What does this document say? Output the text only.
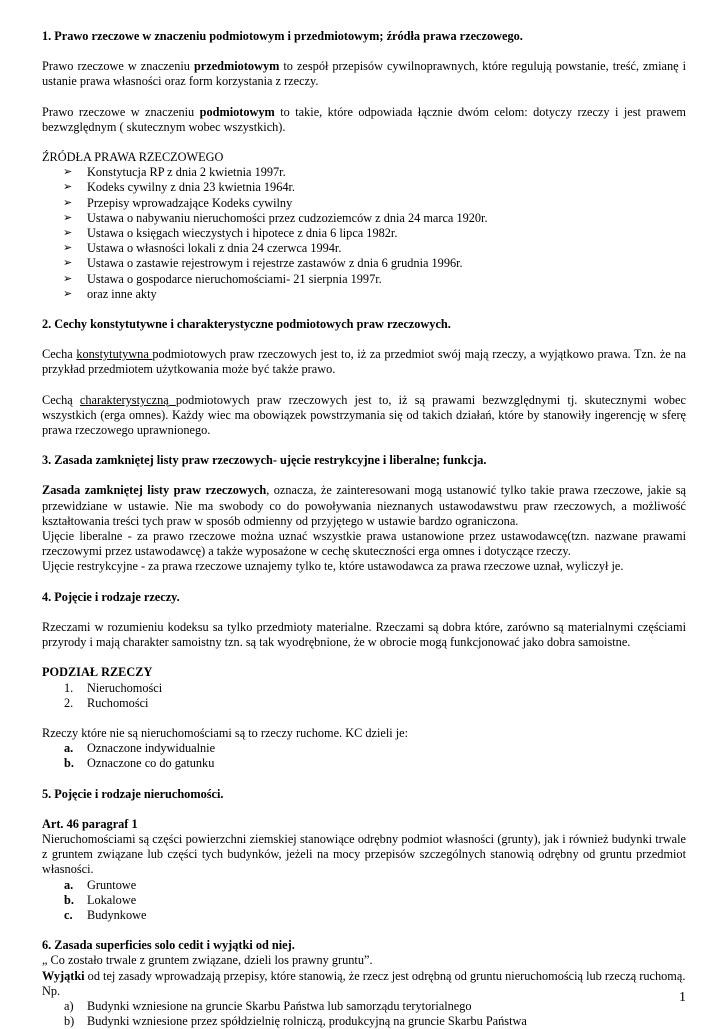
1. Prawo rzeczowe w znaczeniu podmiotowym i przedmiotowym; źródła prawa rzeczowego.

Prawo rzeczowe w znaczeniu przedmiotowym to zespół przepisów cywilnoprawnych, które regulują powstanie, treść, zmianę i ustanie prawa własności oraz form korzystania z rzeczy.

Prawo rzeczowe w znaczeniu podmiotowym to takie, które odpowiada łącznie dwóm celom: dotyczy rzeczy i jest prawem bezwzględnym ( skutecznym wobec wszystkich).

ŹRÓDŁA PRAWA RZECZOWEGO

➢ Konstytucja RP z dnia 2 kwietnia 1997r.
➢ Kodeks cywilny z dnia 23 kwietnia 1964r.
➢ Przepisy wprowadzające Kodeks cywilny
➢ Ustawa o nabywaniu nieruchomości przez cudzoziemców z dnia 24 marca 1920r.
➢ Ustawa o księgach wieczystych i hipotece z dnia 6 lipca 1982r.
➢ Ustawa o własności lokali z dnia 24 czerwca 1994r.
➢ Ustawa o zastawie rejestrowym i rejestrze zastawów z dnia 6 grudnia 1996r.
➢ Ustawa o gospodarce nieruchomościami- 21 sierpnia 1997r.
➢ oraz inne akty

2. Cechy konstytutywne i charakterystyczne podmiotowych praw rzeczowych.

Cecha konstytutywna podmiotowych praw rzeczowych jest to, iż za przedmiot swój mają rzeczy, a wyjątkowo prawa. Tzn. że na przykład przedmiotem użytkowania może być także prawo.

Cechą charakterystyczną podmiotowych praw rzeczowych jest to, iż są prawami bezwzględnymi tj. skutecznymi wobec wszystkich (erga omnes). Każdy wiec ma obowiązek powstrzymania się od takich działań, które by stanowiły ingerencję w sferę prawa rzeczowego uprawnionego.

3. Zasada zamkniętej listy praw rzeczowych- ujęcie restrykcyjne i liberalne; funkcja.

Zasada zamkniętej listy praw rzeczowych, oznacza, że zainteresowani mogą ustanowić tylko takie prawa rzeczowe, jakie są przewidziane w ustawie. Nie ma swobody co do powoływania nieznanych ustawodawstwu praw rzeczowych, a możliwość kształtowania treści tych praw w sposób odmienny od przyjętego w ustawie bardzo ograniczona.

Ujęcie liberalne - za prawo rzeczowe można uznać wszystkie prawa ustanowione przez ustawodawcę(tzn. nazwane prawami rzeczowymi przez ustawodawcę) a także wyposażone w cechę skuteczności erga omnes i dotyczące rzeczy.

Ujęcie restrykcyjne - za prawa rzeczowe uznajemy tylko te, które ustawodawca za prawa rzeczowe uznał, wyliczył je.

4. Pojęcie i rodzaje rzeczy.

Rzeczami w rozumieniu kodeksu sa tylko przedmioty materialne. Rzeczami są dobra które, zarówno są materialnymi częściami przyrody i mają charakter samoistny tzn. są tak wyodrębnione, że w obrocie mogą funkcjonować jako dobra samoistne.

PODZIAŁ RZECZY

1. Nieruchomości
2. Ruchomości

Rzeczy które nie są nieruchomościami są to rzeczy ruchome. KC dzieli je:

a. Oznaczone indywidualnie
b. Oznaczone co do gatunku

5. Pojęcie i rodzaje nieruchomości.

Art. 46 paragraf 1

Nieruchomościami są części powierzchni ziemskiej stanowiące odrębny podmiot własności (grunty), jak i również budynki trwale z gruntem związane lub części tych budynków, jeżeli na mocy przepisów szczególnych stanowią odrębny od gruntu przedmiot własności.

a. Gruntowe
b. Lokalowe
c. Budynkowe

6. Zasada superficies solo cedit i wyjątki od niej.

„ Co zostało trwale z gruntem związane, dzieli los prawny gruntu”.

Wyjątki od tej zasady wprowadzają przepisy, które stanowią, że rzecz jest odrębną od gruntu nieruchomością lub rzeczą ruchomą.

Np.

a) Budynki wzniesione na gruncie Skarbu Państwa lub samorządu terytorialnego
b) Budynki wzniesione przez spółdzielnię rolniczą, produkcyjną na gruncie Skarbu Państwa
1
